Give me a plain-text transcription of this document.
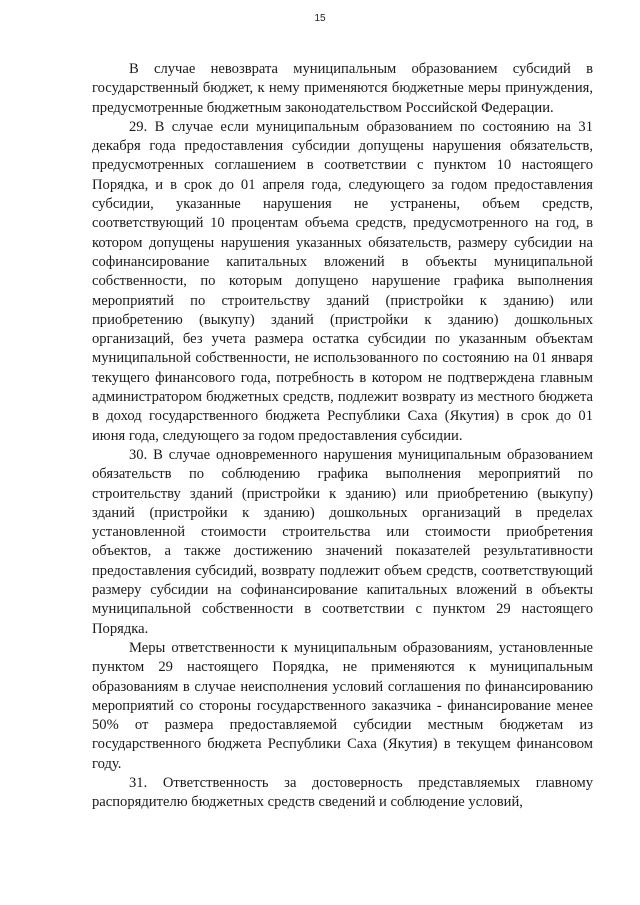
15

В случае невозврата муниципальным образованием субсидий в государственный бюджет, к нему применяются бюджетные меры принуждения, предусмотренные бюджетным законодательством Российской Федерации.

29. В случае если муниципальным образованием по состоянию на 31 декабря года предоставления субсидии допущены нарушения обязательств, предусмотренных соглашением в соответствии с пунктом 10 настоящего Порядка, и в срок до 01 апреля года, следующего за годом предоставления субсидии, указанные нарушения не устранены, объем средств, соответствующий 10 процентам объема средств, предусмотренного на год, в котором допущены нарушения указанных обязательств, размеру субсидии на софинансирование капитальных вложений в объекты муниципальной собственности, по которым допущено нарушение графика выполнения мероприятий по строительству зданий (пристройки к зданию) или приобретению (выкупу) зданий (пристройки к зданию) дошкольных организаций, без учета размера остатка субсидии по указанным объектам муниципальной собственности, не использованного по состоянию на 01 января текущего финансового года, потребность в котором не подтверждена главным администратором бюджетных средств, подлежит возврату из местного бюджета в доход государственного бюджета Республики Саха (Якутия) в срок до 01 июня года, следующего за годом предоставления субсидии.

30. В случае одновременного нарушения муниципальным образованием обязательств по соблюдению графика выполнения мероприятий по строительству зданий (пристройки к зданию) или приобретению (выкупу) зданий (пристройки к зданию) дошкольных организаций в пределах установленной стоимости строительства или стоимости приобретения объектов, а также достижению значений показателей результативности предоставления субсидий, возврату подлежит объем средств, соответствующий размеру субсидии на софинансирование капитальных вложений в объекты муниципальной собственности в соответствии с пунктом 29 настоящего Порядка.

Меры ответственности к муниципальным образованиям, установленные пунктом 29 настоящего Порядка, не применяются к муниципальным образованиям в случае неисполнения условий соглашения по финансированию мероприятий со стороны государственного заказчика - финансирование менее 50% от размера предоставляемой субсидии местным бюджетам из государственного бюджета Республики Саха (Якутия) в текущем финансовом году.

31. Ответственность за достоверность представляемых главному распорядителю бюджетных средств сведений и соблюдение условий,
